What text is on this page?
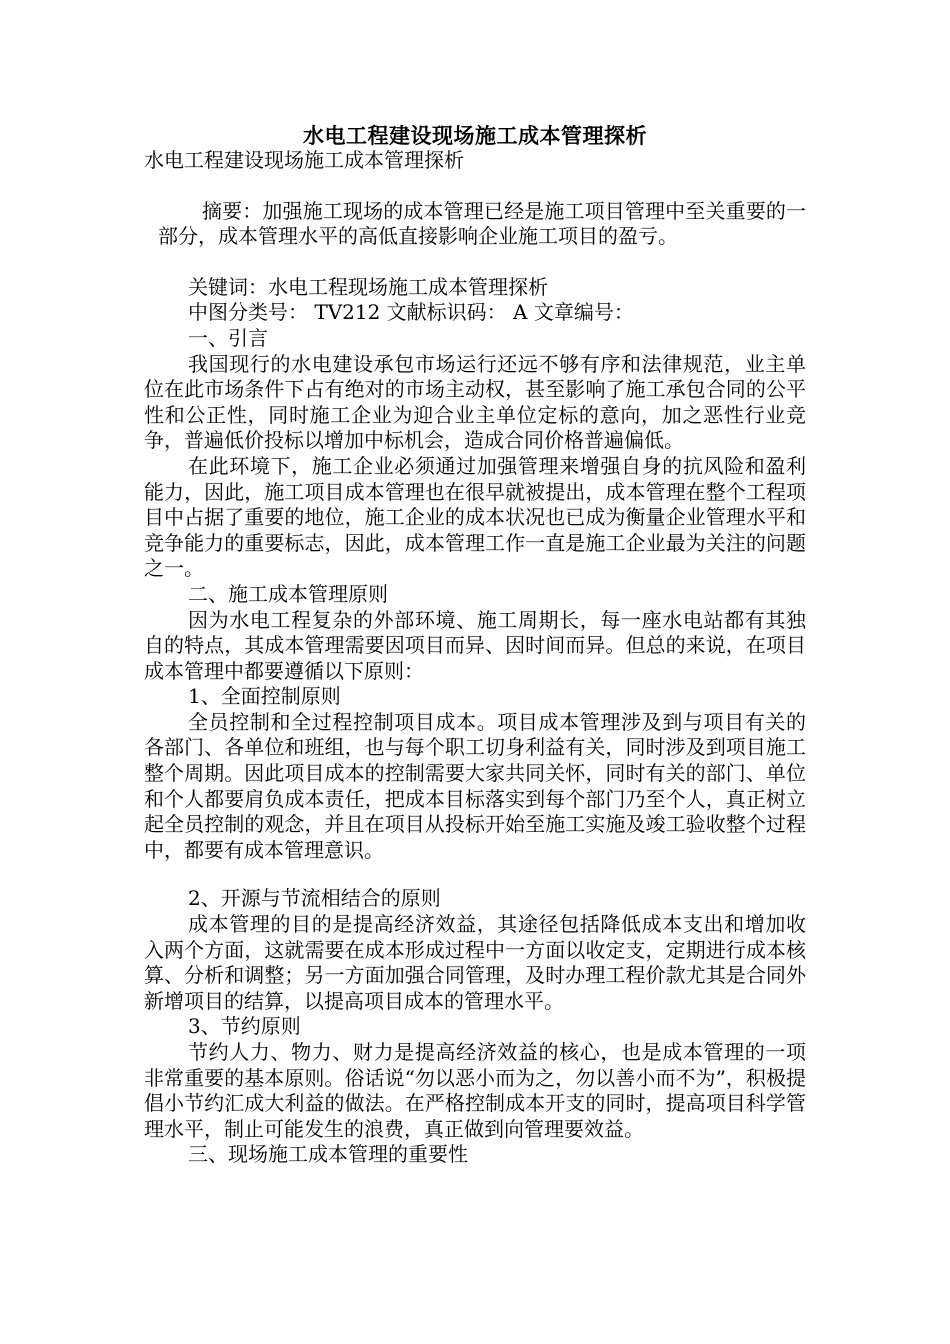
水电工程建设现场施工成本管理探析

水电工程建设现场施工成本管理探析

摘要：加强施工现场的成本管理已经是施工项目管理中至关重要的一部分，成本管理水平的高低直接影响企业施工项目的盈亏。

关键词：水电工程现场施工成本管理探析

中图分类号： TV212 文献标识码： A 文章编号：

一、引言

我国现行的水电建设承包市场运行还远不够有序和法律规范，业主单位在此市场条件下占有绝对的市场主动权，甚至影响了施工承包合同的公平性和公正性，同时施工企业为迎合业主单位定标的意向，加之恶性行业竞争，普遍低价投标以增加中标机会，造成合同价格普遍偏低。

在此环境下，施工企业必须通过加强管理来增强自身的抗风险和盈利能力，因此，施工项目成本管理也在很早就被提出，成本管理在整个工程项目中占据了重要的地位，施工企业的成本状况也已成为衡量企业管理水平和竞争能力的重要标志，因此，成本管理工作一直是施工企业最为关注的问题之一。

二、施工成本管理原则

因为水电工程复杂的外部环境、施工周期长，每一座水电站都有其独自的特点，其成本管理需要因项目而异、因时间而异。但总的来说，在项目成本管理中都要遵循以下原则：

1、全面控制原则

全员控制和全过程控制项目成本。项目成本管理涉及到与项目有关的各部门、各单位和班组，也与每个职工切身利益有关，同时涉及到项目施工整个周期。因此项目成本的控制需要大家共同关怀，同时有关的部门、单位和个人都要肩负成本责任，把成本目标落实到每个部门乃至个人，真正树立起全员控制的观念，并且在项目从投标开始至施工实施及竣工验收整个过程中，都要有成本管理意识。

2、开源与节流相结合的原则

成本管理的目的是提高经济效益，其途径包括降低成本支出和增加收入两个方面，这就需要在成本形成过程中一方面以收定支，定期进行成本核算、分析和调整；另一方面加强合同管理，及时办理工程价款尤其是合同外新增项目的结算，以提高项目成本的管理水平。

3、节约原则

节约人力、物力、财力是提高经济效益的核心，也是成本管理的一项非常重要的基本原则。俗话说“勿以恶小而为之，勿以善小而不为”，积极提倡小节约汇成大利益的做法。在严格控制成本开支的同时，提高项目科学管理水平，制止可能发生的浪费，真正做到向管理要效益。

三、现场施工成本管理的重要性
